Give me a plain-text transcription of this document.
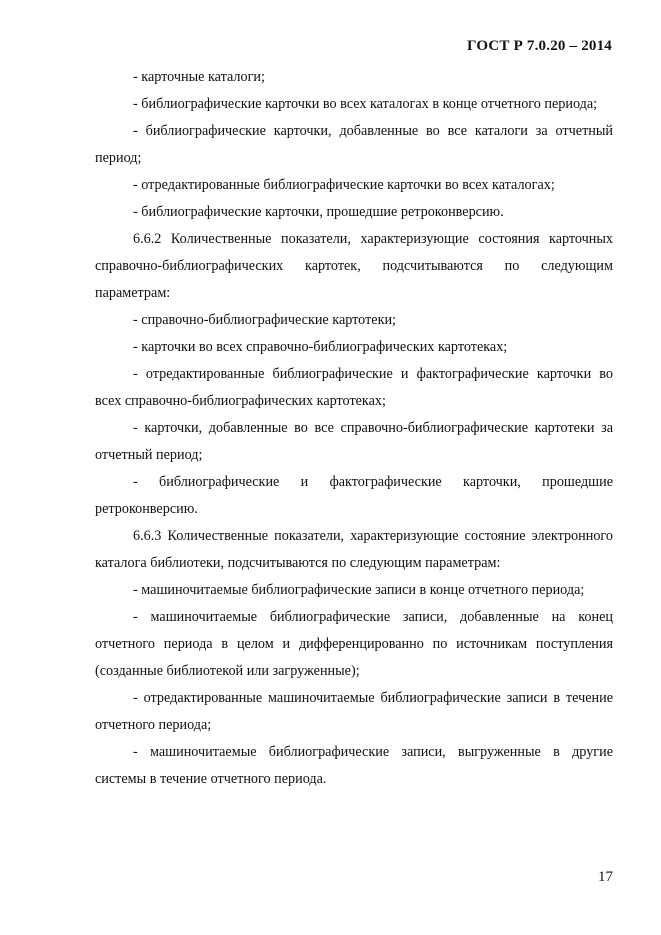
ГОСТ Р 7.0.20 – 2014

- карточные каталоги;

- библиографические карточки во всех каталогах в конце отчетного периода;

- библиографические карточки, добавленные во все каталоги за отчетный период;

- отредактированные библиографические карточки во всех каталогах;

- библиографические карточки, прошедшие ретроконверсию.

6.6.2 Количественные показатели, характеризующие состояния карточных справочно-библиографических картотек, подсчитываются по следующим параметрам:

- справочно-библиографические картотеки;

- карточки во всех справочно-библиографических картотеках;

- отредактированные библиографические и фактографические карточки во всех справочно-библиографических картотеках;

- карточки, добавленные во все справочно-библиографические картотеки за отчетный период;

- библиографические и фактографические карточки, прошедшие ретроконверсию.

6.6.3 Количественные показатели, характеризующие состояние электронного каталога библиотеки, подсчитываются по следующим параметрам:

- машиночитаемые библиографические записи в конце отчетного периода;

- машиночитаемые библиографические записи, добавленные на конец отчетного периода в целом и дифференцированно по источникам поступления (созданные библиотекой или загруженные);

- отредактированные машиночитаемые библиографические записи в течение отчетного периода;

- машиночитаемые библиографические записи, выгруженные в другие системы в течение отчетного периода.

17
